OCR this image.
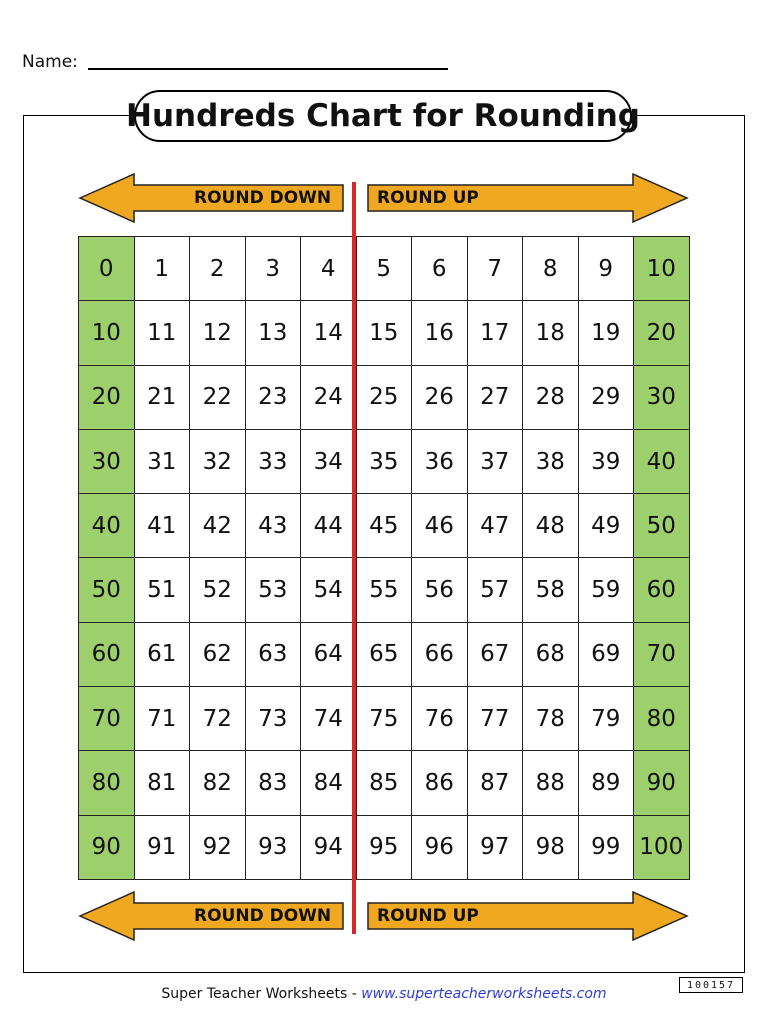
Name:
Hundreds Chart for Rounding
ROUND DOWN	ROUND UP
ROUND DOWN	ROUND UP
0	1	2	3	4	5	6	7	8	9	10
10	11	12	13	14	15	16	17	18	19	20
20	21	22	23	24	25	26	27	28	29	30
30	31	32	33	34	35	36	37	38	39	40
40	41	42	43	44	45	46	47	48	49	50
50	51	52	53	54	55	56	57	58	59	60
60	61	62	63	64	65	66	67	68	69	70
70	71	72	73	74	75	76	77	78	79	80
80	81	82	83	84	85	86	87	88	89	90
90	91	92	93	94	95	96	97	98	99	100
Super Teacher Worksheets - www.superteacherworksheets.com
100157
